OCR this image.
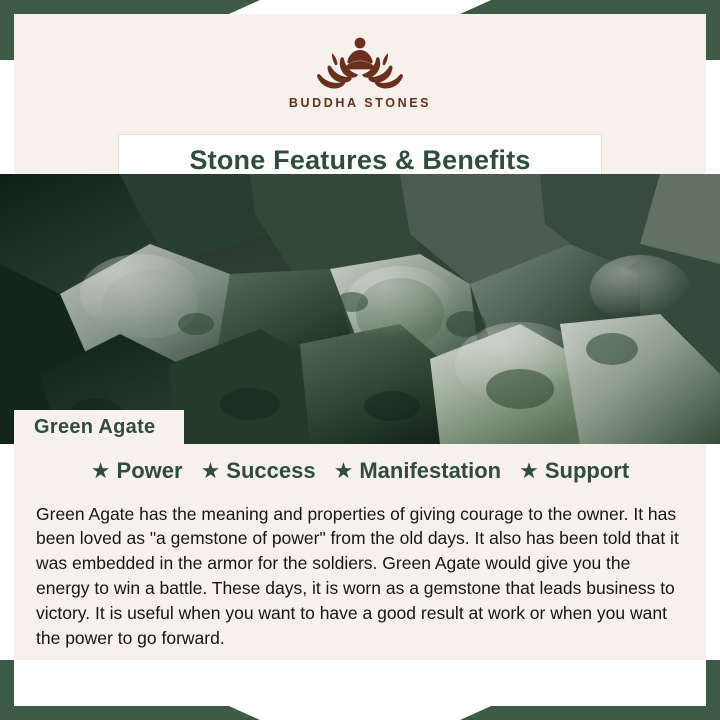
BUDDHA STONES
Stone Features & Benefits
Green Agate
★ Power ★ Success ★ Manifestation ★ Support

Green Agate has the meaning and properties of giving courage to the owner. It has been loved as "a gemstone of power" from the old days. It also has been told that it was embedded in the armor for the soldiers. Green Agate would give you the energy to win a battle. These days, it is worn as a gemstone that leads business to victory. It is useful when you want to have a good result at work or when you want the power to go forward.
